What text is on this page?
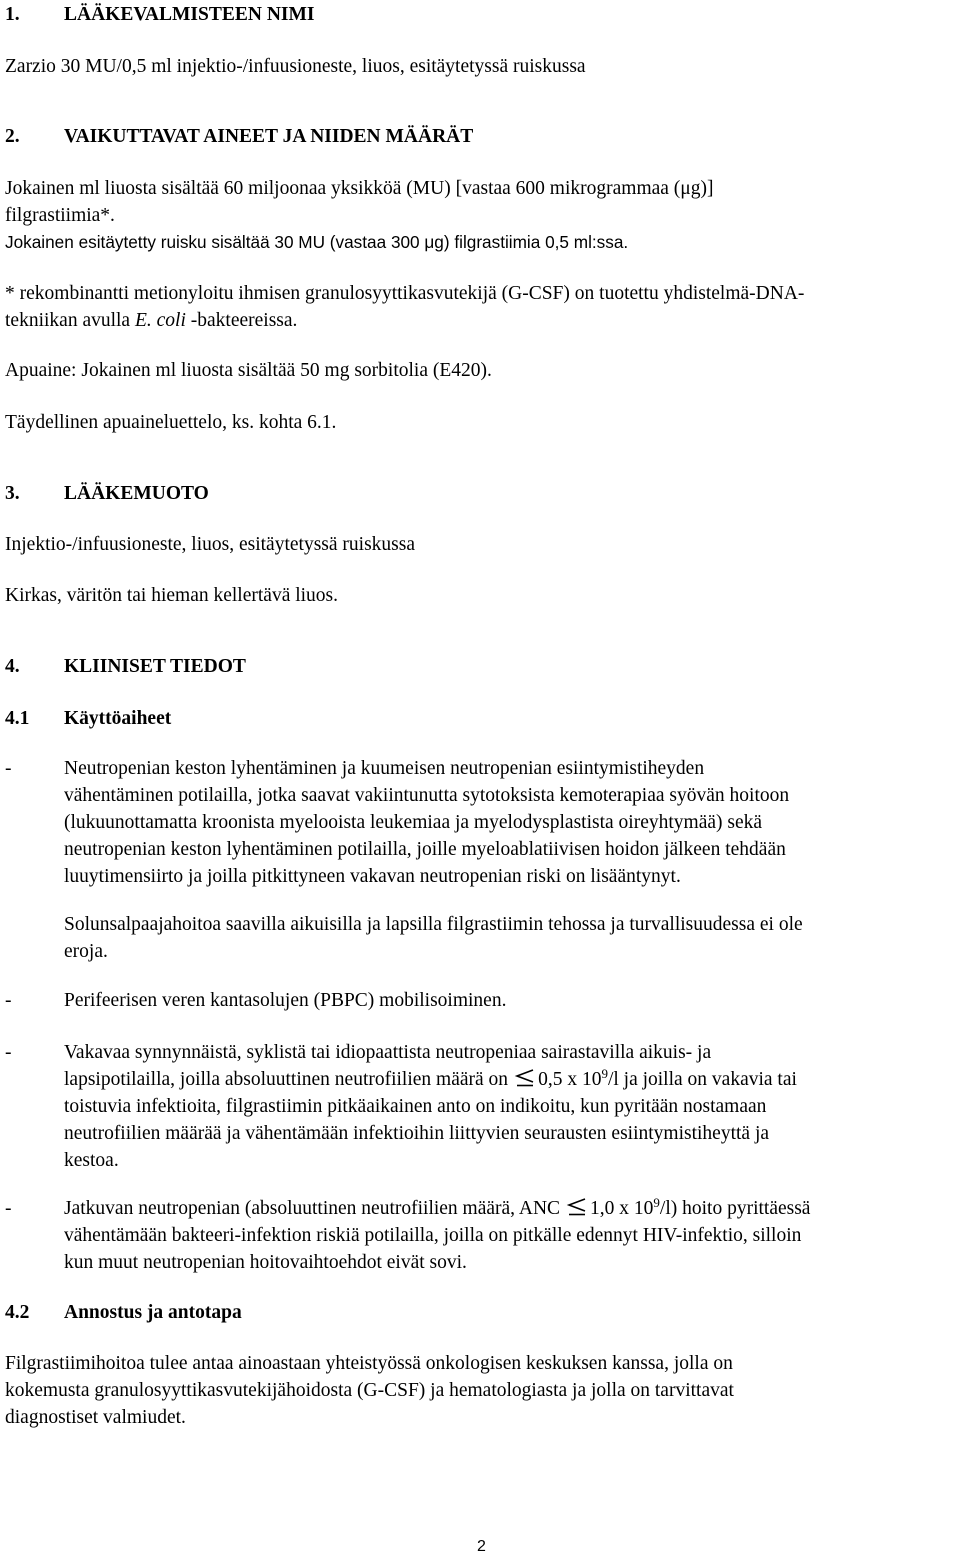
1. LÄÄKEVALMISTEEN NIMI
Zarzio 30 MU/0,5 ml injektio-/infuusioneste, liuos, esitäytetyssä ruiskussa
2. VAIKUTTAVAT AINEET JA NIIDEN MÄÄRÄT
Jokainen ml liuosta sisältää 60 miljoonaa yksikköä (MU) [vastaa 600 mikrogrammaa (μg)]
filgrastiimia*.
Jokainen esitäytetty ruisku sisältää 30 MU (vastaa 300 μg) filgrastiimia 0,5 ml:ssa.
* rekombinantti metionyloitu ihmisen granulosyyttikasvutekijä (G-CSF) on tuotettu yhdistelmä-DNA-
tekniikan avulla E. coli -bakteereissa.
Apuaine: Jokainen ml liuosta sisältää 50 mg sorbitolia (E420).
Täydellinen apuaineluettelo, ks. kohta 6.1.
3. LÄÄKEMUOTO
Injektio-/infuusioneste, liuos, esitäytetyssä ruiskussa
Kirkas, väritön tai hieman kellertävä liuos.
4. KLIINISET TIEDOT
4.1 Käyttöaiheet
-	Neutropenian keston lyhentäminen ja kuumeisen neutropenian esiintymistiheyden
vähentäminen potilailla, jotka saavat vakiintunutta sytotoksista kemoterapiaa syövän hoitoon
(lukuunottamatta kroonista myelooista leukemiaa ja myelodysplastista oireyhtymää) sekä
neutropenian keston lyhentäminen potilailla, joille myeloablatiivisen hoidon jälkeen tehdään
luuytimensiirto ja joilla pitkittyneen vakavan neutropenian riski on lisääntynyt.
Solunsalpaajahoitoa saavilla aikuisilla ja lapsilla filgrastiimin tehossa ja turvallisuudessa ei ole
eroja.
-	Perifeerisen veren kantasolujen (PBPC) mobilisoiminen.
-	Vakavaa synnynnäistä, syklistä tai idiopaattista neutropeniaa sairastavilla aikuis- ja
lapsipotilailla, joilla absoluuttinen neutrofiilien määrä on 0,5 x $10^9/l$ ja joilla on vakavia tai
toistuvia infektioita, filgrastiimin pitkäaikainen anto on indikoitu, kun pyritään nostamaan
neutrofiilien määrää ja vähentämään infektioihin liittyvien seurausten esiintymistiheyttä ja
kestoa.
-	Jatkuvan neutropenian (absoluuttinen neutrofiilien määrä, ANC 1,0 x $10^9/l$) hoito pyrittäessä
vähentämään bakteeri-infektion riskiä potilailla, joilla on pitkälle edennyt HIV-infektio, silloin
kun muut neutropenian hoitovaihtoehdot eivät sovi.
4.2 Annostus ja antotapa
Filgrastiimihoitoa tulee antaa ainoastaan yhteistyössä onkologisen keskuksen kanssa, jolla on
kokemusta granulosyyttikasvutekijähoidosta (G-CSF) ja hematologiasta ja jolla on tarvittavat
diagnostiset valmiudet.
2
